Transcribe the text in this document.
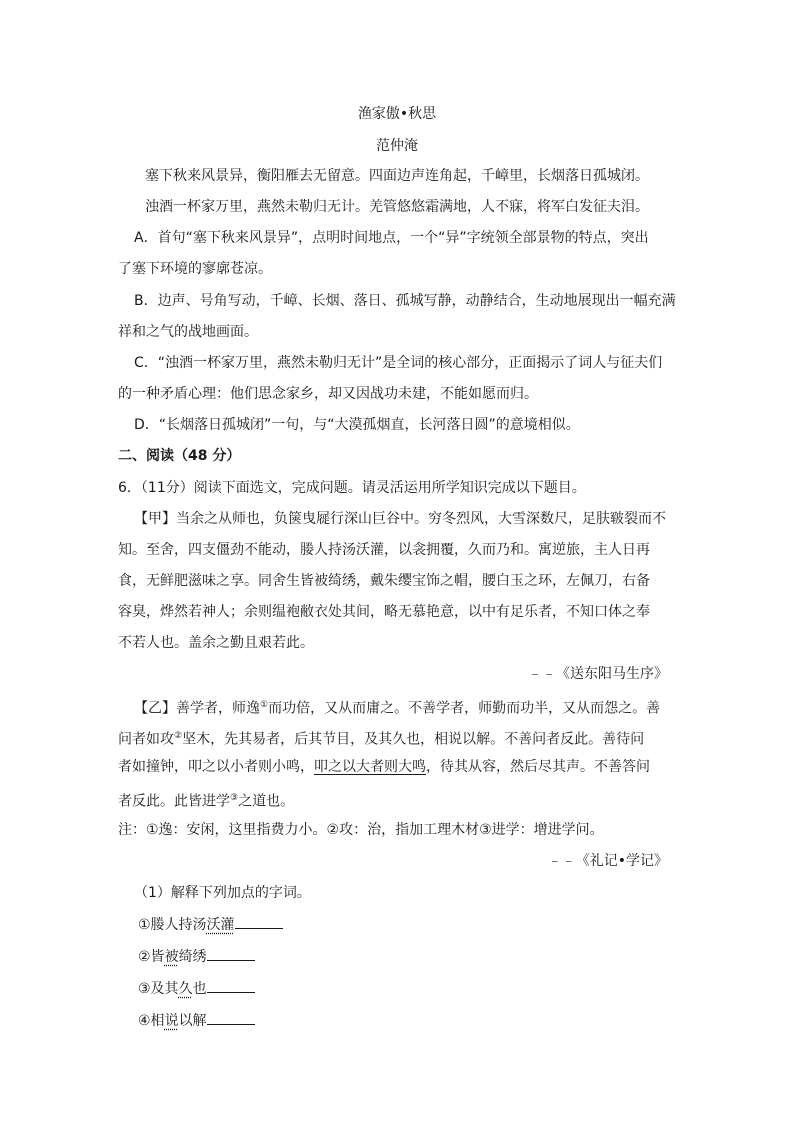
渔家傲•秋思
范仲淹
塞下秋来风景异，衡阳雁去无留意。四面边声连角起，千嶂里，长烟落日孤城闭。
浊酒一杯家万里，燕然未勒归无计。羌管悠悠霜满地，人不寐，将军白发征夫泪。
A．首句“塞下秋来风景异”，点明时间地点，一个“异”字统领全部景物的特点，突出
了塞下环境的寥廓苍凉。
B．边声、号角写动，千嶂、长烟、落日、孤城写静，动静结合，生动地展现出一幅充满
祥和之气的战地画面。
C．“浊酒一杯家万里，燕然未勒归无计”是全词的核心部分，正面揭示了词人与征夫们
的一种矛盾心理：他们思念家乡，却又因战功未建，不能如愿而归。
D．“长烟落日孤城闭”一句，与“大漠孤烟直，长河落日圆”的意境相似。
二、阅读（48 分）
6．（11分）阅读下面选文，完成问题。请灵活运用所学知识完成以下题目。
【甲】当余之从师也，负箧曳屣行深山巨谷中。穷冬烈风，大雪深数尺，足肤皲裂而不
知。至舍，四支僵劲不能动，媵人持汤沃灌，以衾拥覆，久而乃和。寓逆旅，主人日再
食，无鲜肥滋味之享。同舍生皆被绮绣，戴朱缨宝饰之帽，腰白玉之环，左佩刀，右备
容臭，烨然若神人；余则缊袍敝衣处其间，略无慕艳意，以中有足乐者，不知口体之奉
不若人也。盖余之勤且艰若此。
﹣﹣《送东阳马生序》
【乙】善学者，师逸①而功倍，又从而庸之。不善学者，师勤而功半，又从而怨之。善
问者如攻②坚木，先其易者，后其节目，及其久也，相说以解。不善问者反此。善待问
者如撞钟，叩之以小者则小鸣，叩之以大者则大鸣，待其从容，然后尽其声。不善答问
者反此。此皆进学③之道也。
注：①逸：安闲，这里指费力小。②攻：治，指加工理木材③进学：增进学问。
﹣﹣《礼记•学记》
（1）解释下列加点的字词。
①媵人持汤沃灌
②皆被绮绣
③及其久也
④相说以解
